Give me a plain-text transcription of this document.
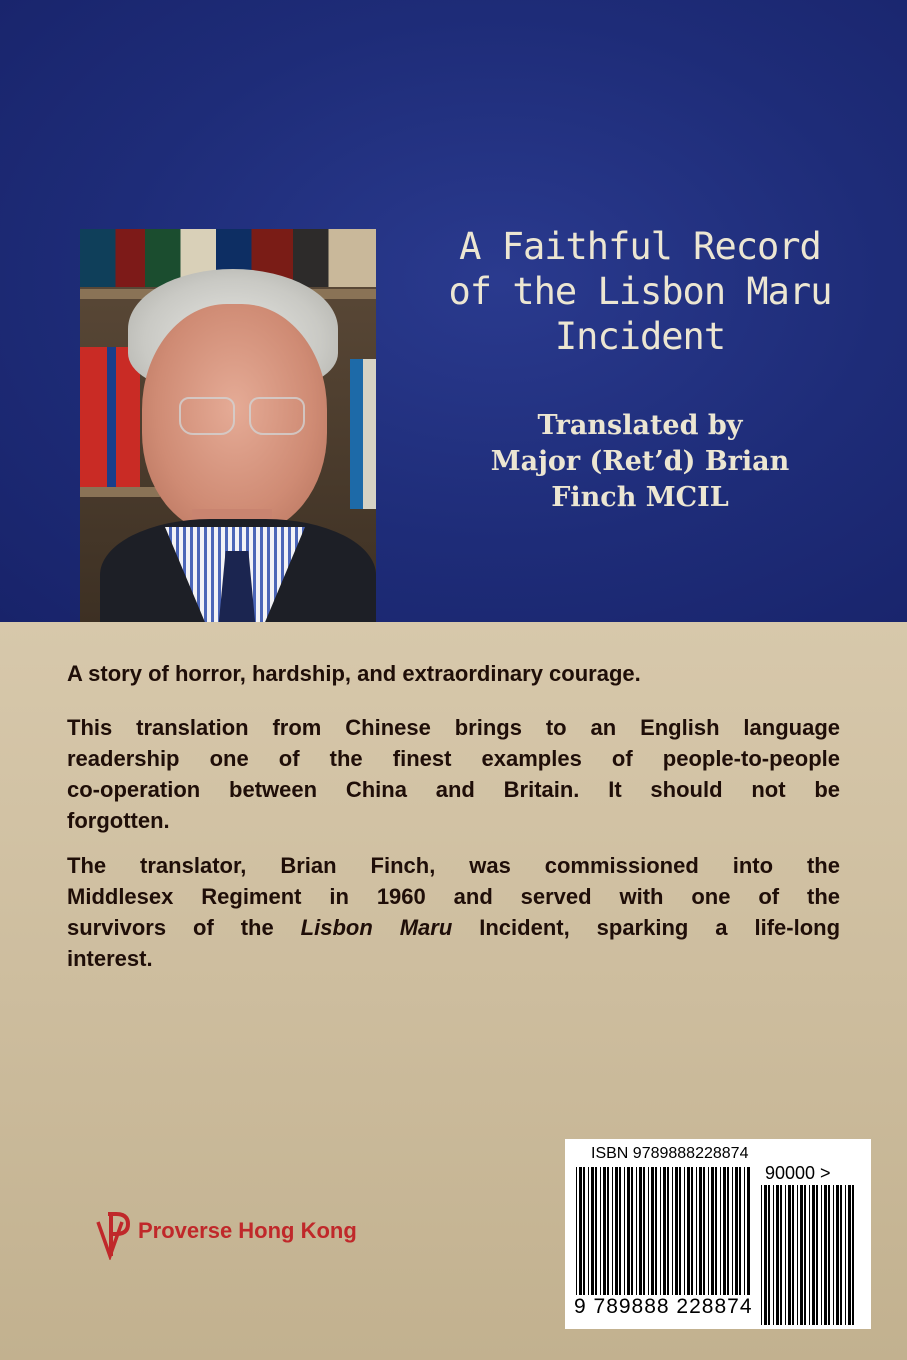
A Faithful Record
of the Lisbon Maru
Incident
Translated by
Major (Ret’d) Brian
Finch MCIL
A story of horror, hardship, and extraordinary courage.
This translation from Chinese brings to an English language
readership one of the finest examples of people-to-people
co-operation between China and Britain. It should not be
forgotten.
The translator, Brian Finch, was commissioned into the
Middlesex Regiment in 1960 and served with one of the
survivors of the Lisbon Maru Incident, sparking a life-long
interest.
Proverse Hong Kong
ISBN 9789888228874
90000 >
9 789888 228874
